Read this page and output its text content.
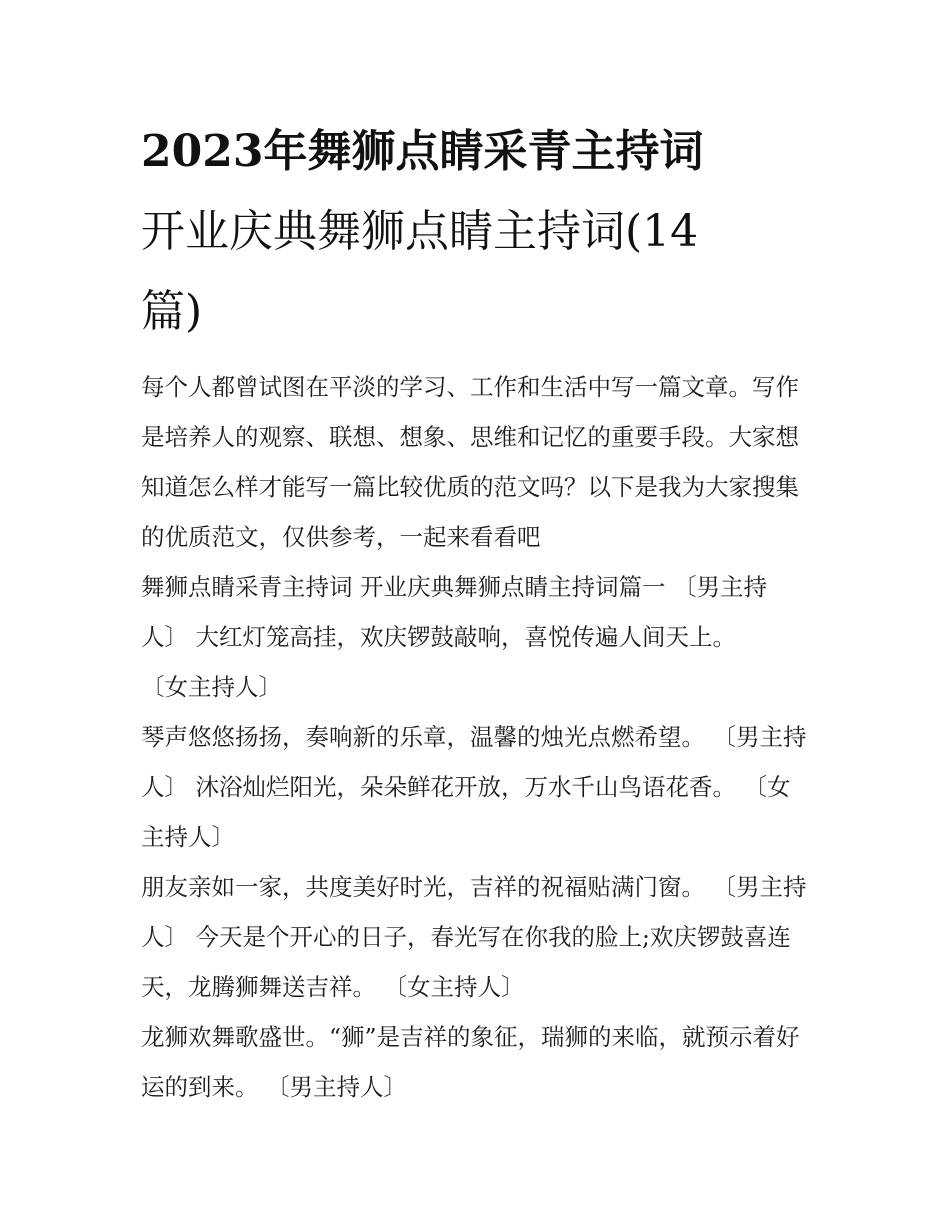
2023年舞狮点睛采青主持词
开业庆典舞狮点睛主持词(14
篇)

每个人都曾试图在平淡的学习、工作和生活中写一篇文章。写作是培养人的观察、联想、想象、思维和记忆的重要手段。大家想知道怎么样才能写一篇比较优质的范文吗？以下是我为大家搜集的优质范文，仅供参考，一起来看看吧

舞狮点睛采青主持词 开业庆典舞狮点睛主持词篇一 〔男主持人〕 大红灯笼高挂，欢庆锣鼓敲响，喜悦传遍人间天上。

〔女主持人〕

琴声悠悠扬扬，奏响新的乐章，温馨的烛光点燃希望。 〔男主持人〕 沐浴灿烂阳光，朵朵鲜花开放，万水千山鸟语花香。 〔女主持人〕

朋友亲如一家，共度美好时光，吉祥的祝福贴满门窗。 〔男主持人〕 今天是个开心的日子，春光写在你我的脸上;欢庆锣鼓喜连天，龙腾狮舞送吉祥。 〔女主持人〕

龙狮欢舞歌盛世。“狮”是吉祥的象征，瑞狮的来临，就预示着好运的到来。 〔男主持人〕
